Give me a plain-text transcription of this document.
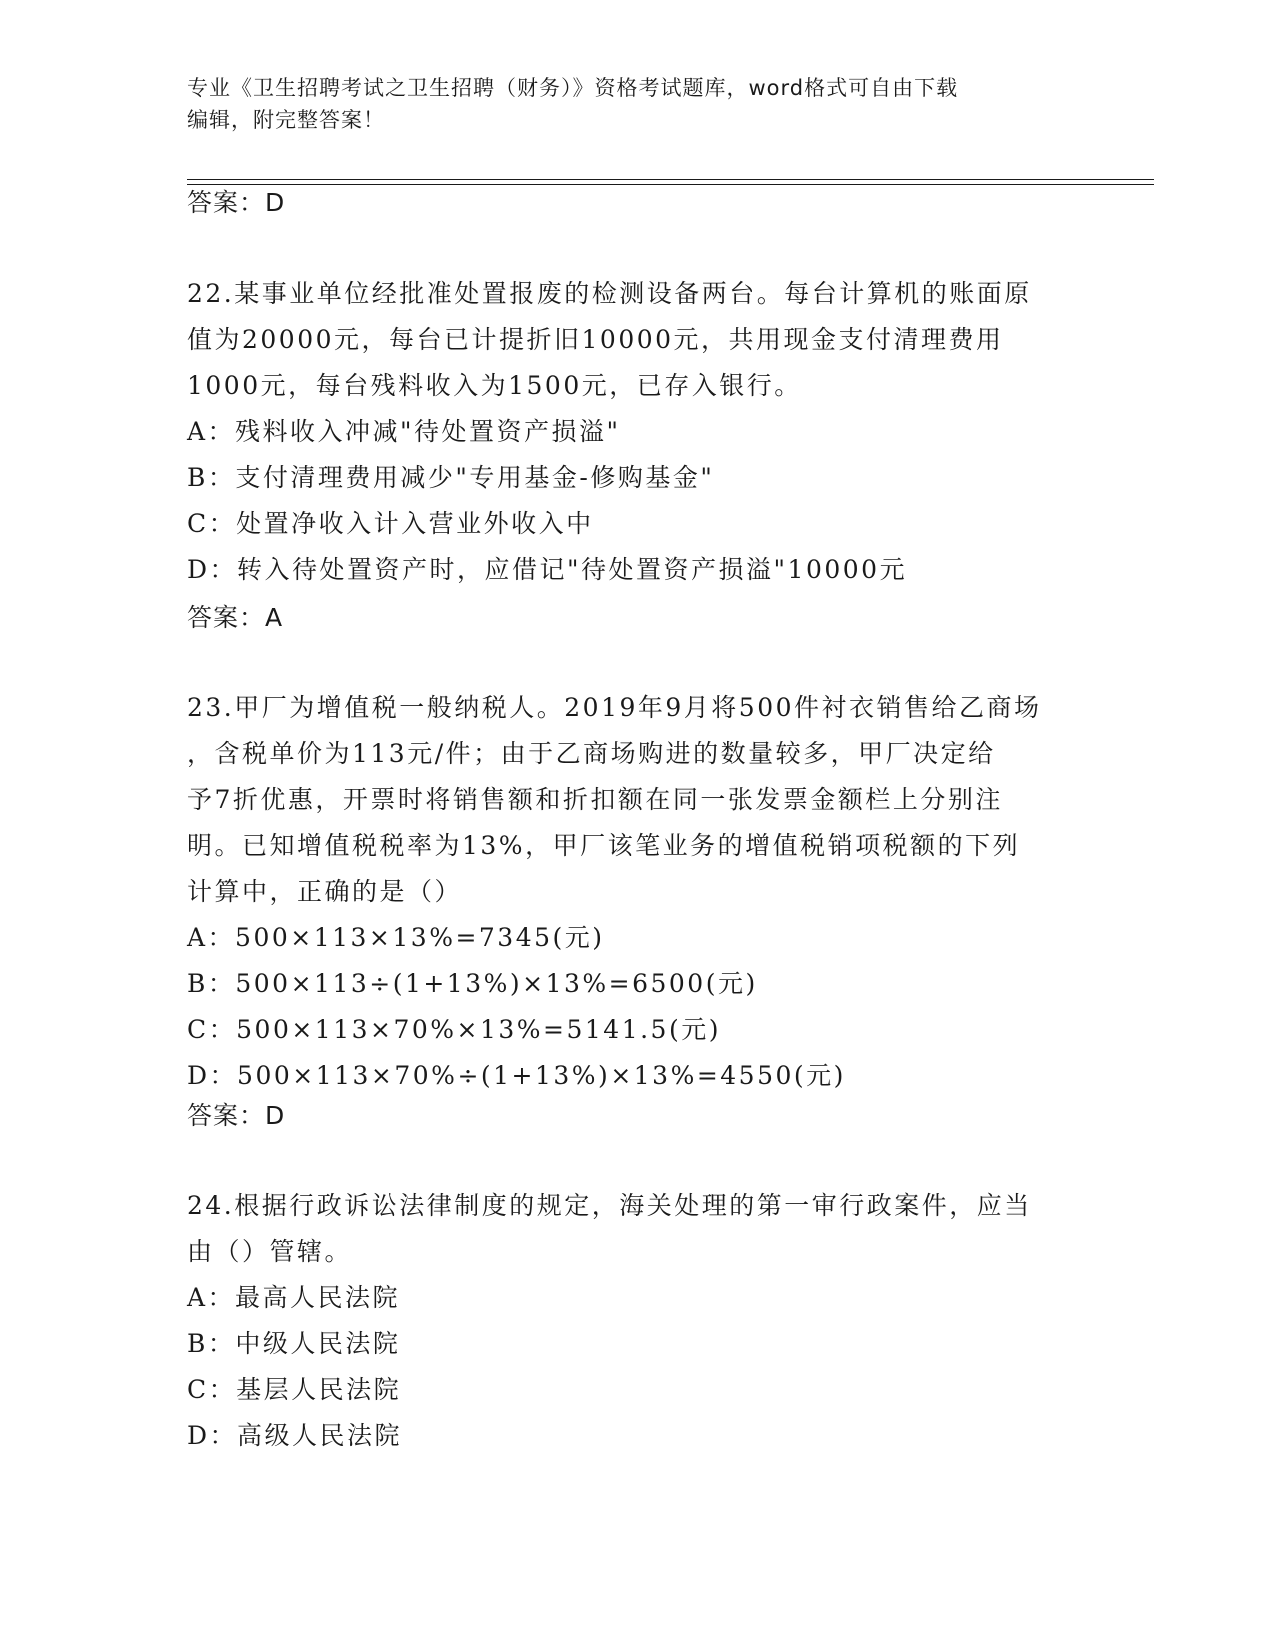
专业《卫生招聘考试之卫生招聘（财务）》资格考试题库，word格式可自由下载
编辑，附完整答案！
答案：D

22.某事业单位经批准处置报废的检测设备两台。每台计算机的账面原

值为20000元，每台已计提折旧10000元，共用现金支付清理费用

1000元，每台残料收入为1500元，已存入银行。

A：残料收入冲减"待处置资产损溢"

B：支付清理费用减少"专用基金-修购基金"

C：处置净收入计入营业外收入中

D：转入待处置资产时，应借记"待处置资产损溢"10000元

答案：A

23.甲厂为增值税一般纳税人。2019年9月将500件衬衣销售给乙商场

，含税单价为113元/件；由于乙商场购进的数量较多，甲厂决定给

予7折优惠，开票时将销售额和折扣额在同一张发票金额栏上分别注

明。已知增值税税率为13%，甲厂该笔业务的增值税销项税额的下列

计算中，正确的是（）

A：500×113×13%=7345(元)

B：500×113÷(1+13%)×13%=6500(元)

C：500×113×70%×13%=5141.5(元)

D：500×113×70%÷(1+13%)×13%=4550(元)

答案：D

24.根据行政诉讼法律制度的规定，海关处理的第一审行政案件，应当

由（）管辖。

A：最高人民法院

B：中级人民法院

C：基层人民法院

D：高级人民法院
